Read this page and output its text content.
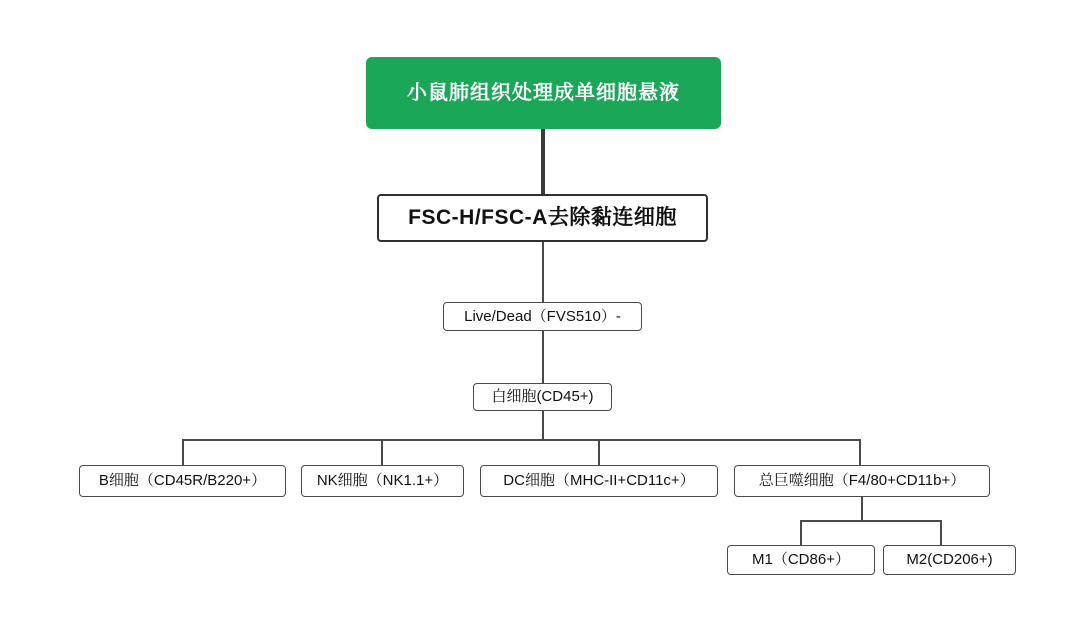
小鼠肺组织处理成单细胞悬液
FSC-H/FSC-A去除黏连细胞
Live/Dead（FVS510）-
白细胞(CD45+)
B细胞（CD45R/B220+）	NK细胞（NK1.1+）	DC细胞（MHC-II+CD11c+）	总巨噬细胞（F4/80+CD11b+）
M1（CD86+）	M2(CD206+)
